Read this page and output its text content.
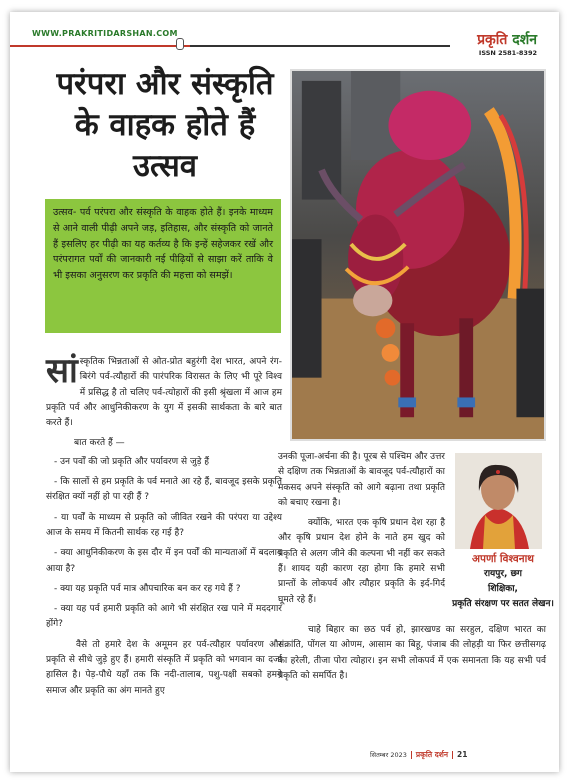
WWW.PRAKRITIDARSHAN.COM	प्रकृति दर्शन
ISSN 2581-8392
परंपरा और संस्कृति के वाहक होते हैं उत्सव
उत्सव- पर्व परंपरा और संस्कृति के वाहक होते हैं। इनके माध्यम से आने वाली पीढ़ी अपने जड़, इतिहास, और संस्कृति को जानते हैं इसलिए हर पीढ़ी का यह कर्तव्य है कि इन्हें सहेजकर रखें और परंपरागत पर्वों की जानकारी नई पीढ़ियों से साझा करें ताकि वे भी इसका अनुसरण कर प्रकृति की महत्ता को समझें।

सांस्कृतिक भिन्नताओं से ओत-प्रोत बहुरंगी देश भारत, अपने रंग-बिरंगे पर्व-त्यौहारों की पारंपरिक विरासत के लिए भी पूरे विश्व में प्रसिद्ध है तो चलिए पर्व-त्योहारों की इसी श्रृंखला में आज हम प्रकृति पर्व और आधुनिकीकरण के युग में इसकी सार्थकता के बारे बात करते हैं।

बात करते हैं —

- उन पर्वों की जो प्रकृति और पर्यावरण से जुड़े हैं

- कि सालों से हम प्रकृति के पर्व मनाते आ रहे हैं, बावजूद इसके प्रकृति संरक्षित क्यों नहीं हो पा रही हैं ?

- या पर्वों के माध्यम से प्रकृति को जीवित रखने की परंपरा या उद्देश्य आज के समय में कितनी सार्थक रह गई है?

- क्या आधुनिकीकरण के इस दौर में इन पर्वों की मान्यताओं में बदलाव आया है?

- क्या यह प्रकृति पर्व मात्र औपचारिक बन कर रह गये हैं ?

- क्या यह पर्व हमारी प्रकृति को आगे भी संरक्षित रख पाने में मददगार होंगे?

वैसे तो हमारे देश के अमूमन हर पर्व-त्यौहार पर्यावरण और प्रकृति से सीधे जुड़े हुए हैं। हमारी संस्कृति में प्रकृति को भगवान का दर्जा हासिल है। पेड़-पौधे यहाँ तक कि नदी-तालाब, पशु-पक्षी सबको हमने समाज और प्रकृति का अंग मानते हुए

उनकी पूजा-अर्चना की है। पूरब से पश्चिम और उत्तर से दक्षिण तक भिन्नताओं के बावजूद पर्व-त्यौहारों का मकसद अपने संस्कृति को आगे बढ़ाना तथा प्रकृति को बचाए रखना है।

क्योंकि, भारत एक कृषि प्रधान देश रहा है और कृषि प्रधान देश होने के नाते हम खुद को प्रकृति से अलग जीने की कल्पना भी नहीं कर सकते हैं। शायद यही कारण रहा होगा कि हमारे सभी प्रान्तों के लोकपर्व और त्यौहार प्रकृति के इर्द-गिर्द घूमते रहे हैं।

चाहे बिहार का छठ पर्व हो, झारखण्ड का सरहुल, दक्षिण भारत का संक्रांति, पोंगल या ओणम, आसाम का बिहू, पंजाब की लोहड़ी या फिर छत्तीसगढ़ का हरेली, तीजा पोरा त्योहार। इन सभी लोकपर्व में एक समानता कि यह सभी पर्व प्रकृति को समर्पित है।
अपर्णा विश्वनाथ
रायपुर, छग
शिक्षिका,
प्रकृति संरक्षण पर सतत लेखन।
सितम्बर 2023 प्रकृति दर्शन 21
